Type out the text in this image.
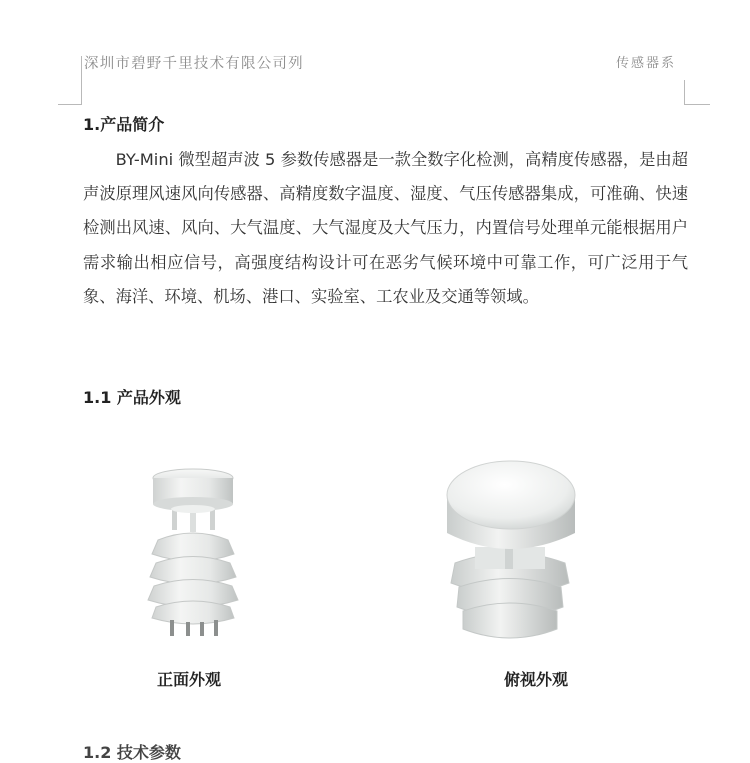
深圳市碧野千里技术有限公司列	传感器系
1.产品简介
BY-Mini 微型超声波 5 参数传感器是一款全数字化检测，高精度传感器，是由超声波原理风速风向传感器、高精度数字温度、湿度、气压传感器集成，可准确、快速检测出风速、风向、大气温度、大气湿度及大气压力，内置信号处理单元能根据用户需求输出相应信号，高强度结构设计可在恶劣气候环境中可靠工作，可广泛用于气象、海洋、环境、机场、港口、实验室、工农业及交通等领域。
1.1 产品外观
正面外观	俯视外观
1.2 技术参数
